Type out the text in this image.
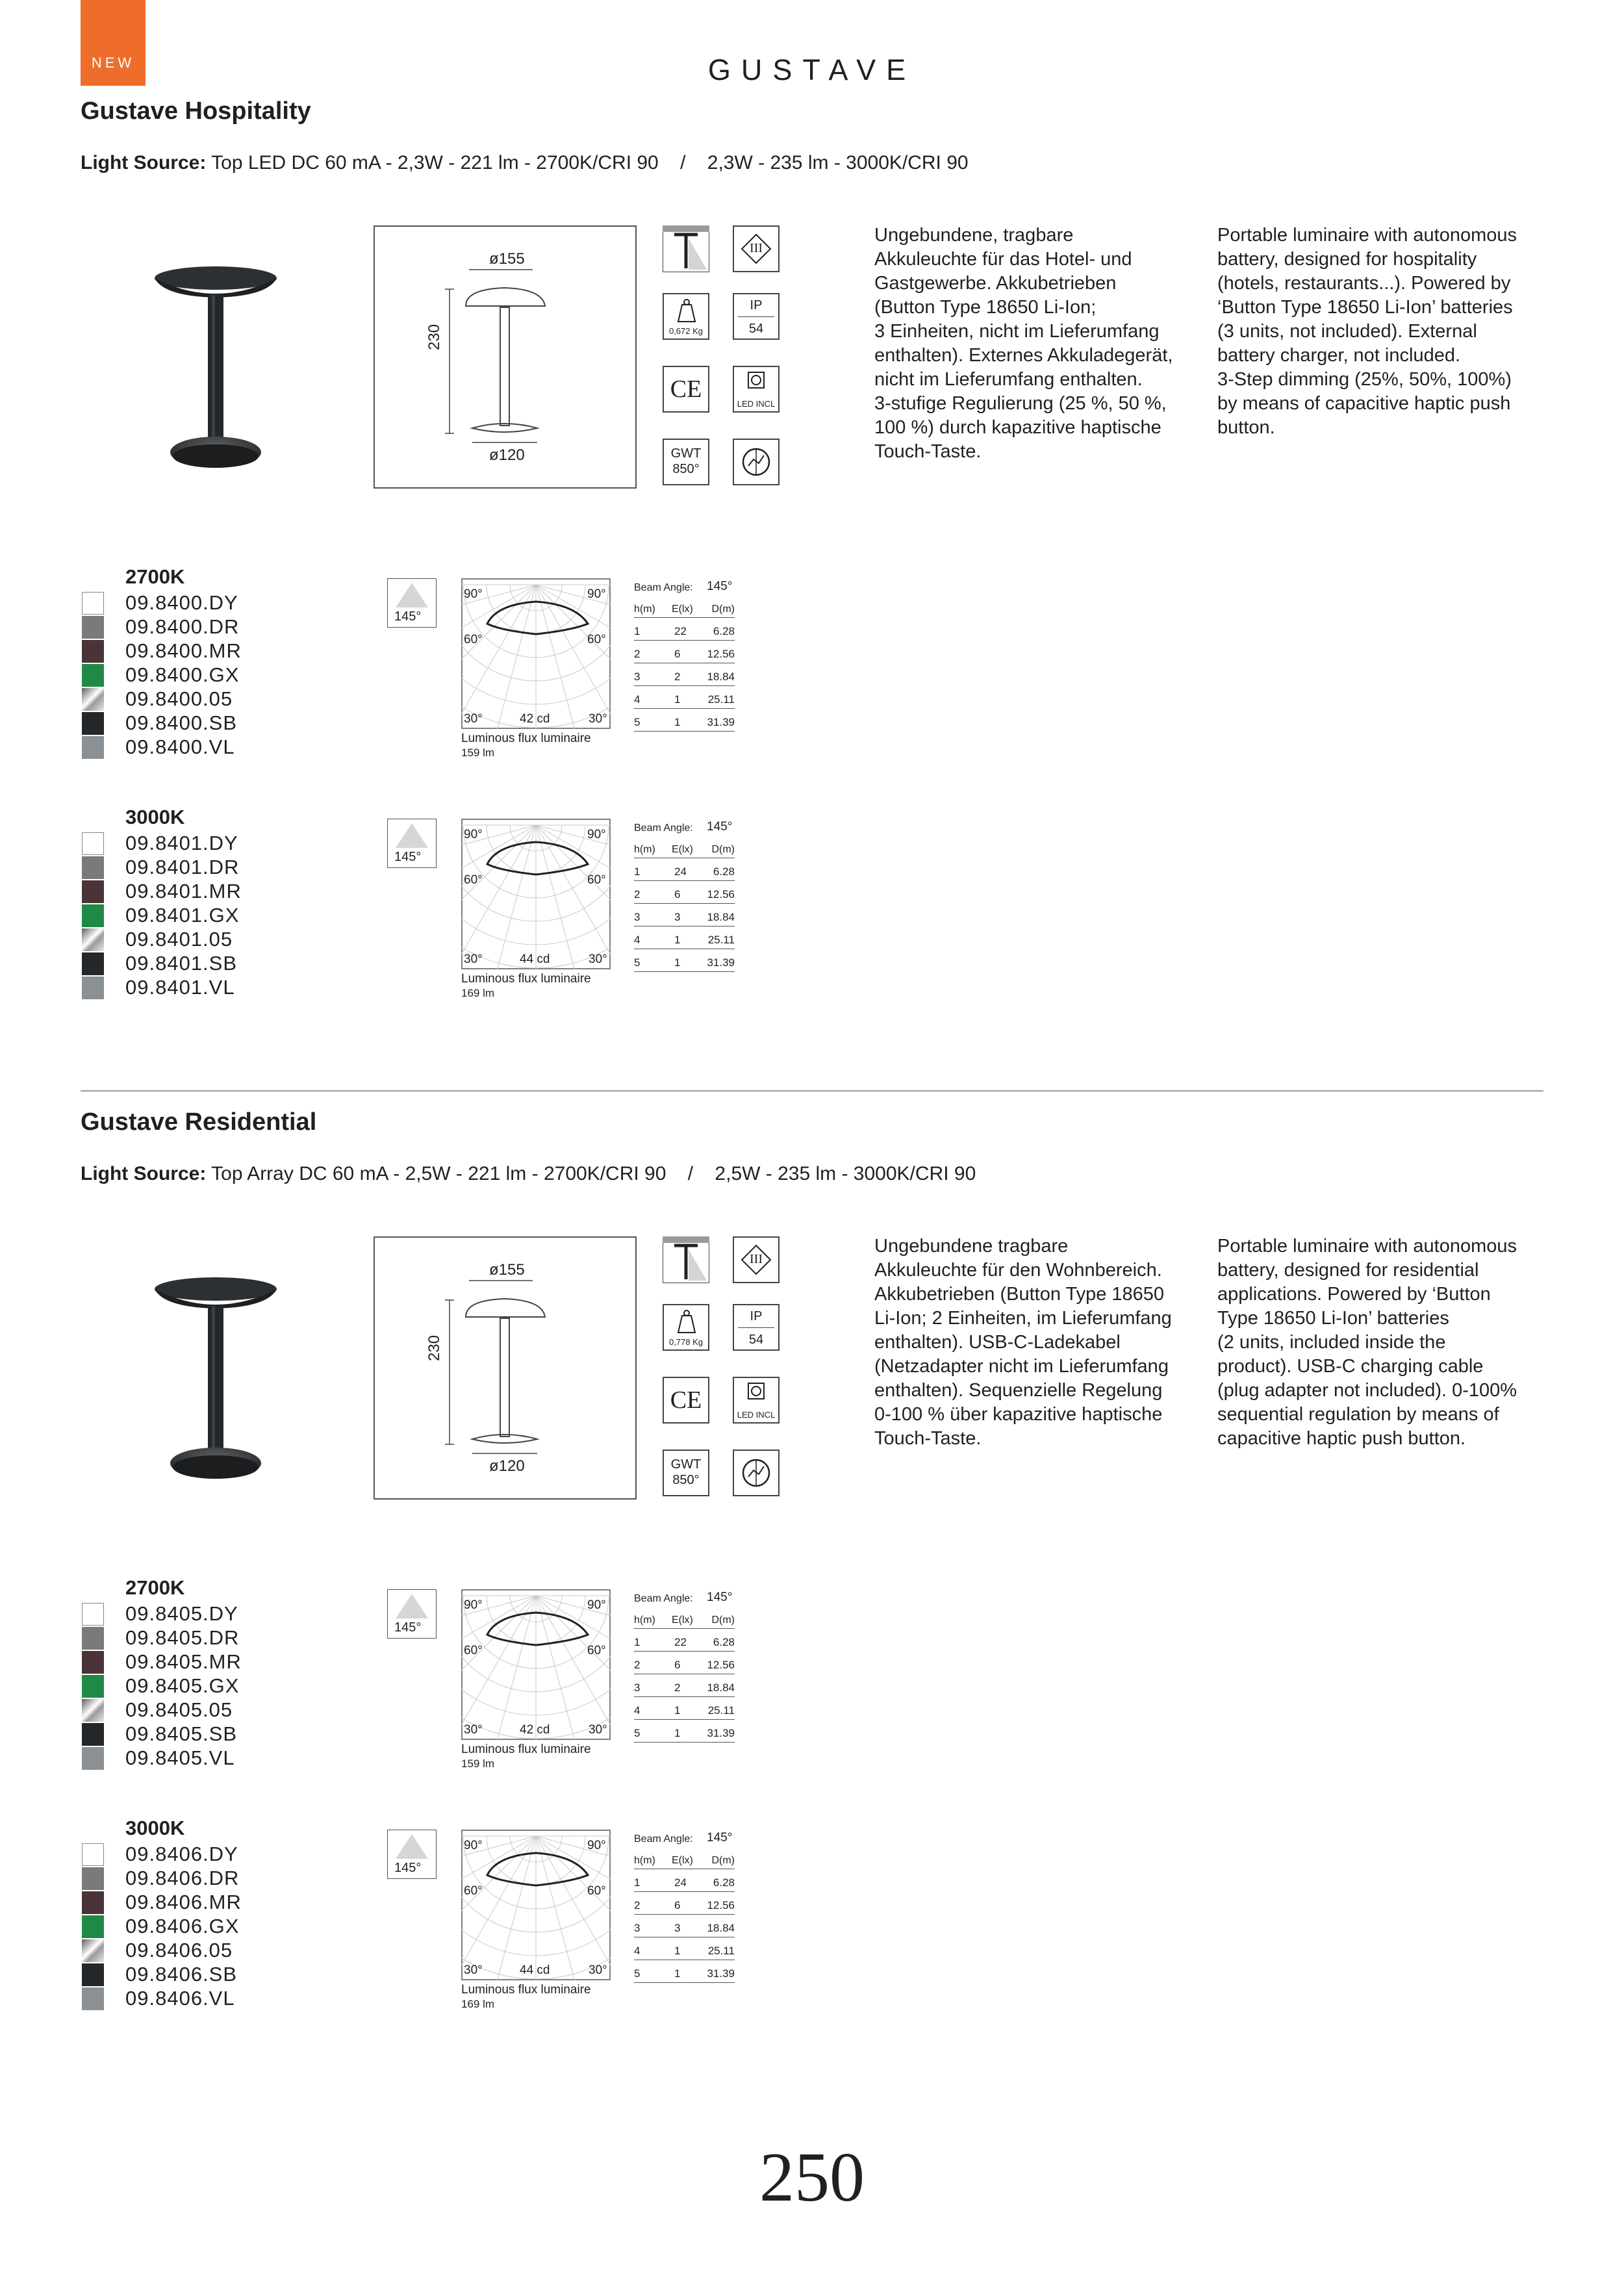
NEW	GUSTAVE
Gustave Hospitality
Light Source: Top LED DC 60 mA - 2,3W - 221 lm - 2700K/CRI 90    /    2,3W - 235 lm - 3000K/CRI 90
ø155
ø120
230
III
0,672 Kg
IP
54
CE
LED INCL
GWT
850°
Ungebundene, tragbare
Akkuleuchte für das Hotel- und
Gastgewerbe. Akkubetrieben
(Button Type 18650 Li-Ion;
3 Einheiten, nicht im Lieferumfang
enthalten). Externes Akkuladegerät,
nicht im Lieferumfang enthalten.
3-stufige Regulierung (25 %, 50 %,
100 %) durch kapazitive haptische
Touch-Taste.
Portable luminaire with autonomous
battery, designed for hospitality
(hotels, restaurants...). Powered by
‘Button Type 18650 Li-Ion’ batteries
(3 units, not included). External
battery charger, not included.
3-Step dimming (25%, 50%, 100%)
by means of capacitive haptic push
button.
2700K
09.8400.DY
09.8400.DR
09.8400.MR
09.8400.GX
09.8400.05
09.8400.SB
09.8400.VL
145°
90°	90°
60°	60°
30°	30°
42 cd
Luminous flux luminaire
159 lm
Beam Angle: 145°
h(m) E(lx) D(m)
1	22 6.28
2	6 12.56
3	2 18.84
4	1 25.11
5	1 31.39
3000K
09.8401.DY
09.8401.DR
09.8401.MR
09.8401.GX
09.8401.05
09.8401.SB
09.8401.VL
145°
90°	90°
60°	60°
30°	30°
44 cd
Luminous flux luminaire
169 lm
Beam Angle: 145°
h(m) E(lx) D(m)
1	24 6.28
2	6 12.56
3	3 18.84
4	1 25.11
5	1 31.39
Gustave Residential
Light Source: Top Array DC 60 mA - 2,5W - 221 lm - 2700K/CRI 90    /    2,5W - 235 lm - 3000K/CRI 90
ø155
ø120
230
III
0,778 Kg
IP
54
CE
LED INCL
GWT
850°
Ungebundene tragbare
Akkuleuchte für den Wohnbereich.
Akkubetrieben (Button Type 18650
Li-Ion; 2 Einheiten, im Lieferumfang
enthalten). USB-C-Ladekabel
(Netzadapter nicht im Lieferumfang
enthalten). Sequenzielle Regelung
0-100 % über kapazitive haptische
Touch-Taste.
Portable luminaire with autonomous
battery, designed for residential
applications. Powered by ‘Button
Type 18650 Li-Ion’ batteries
(2 units, included inside the
product). USB-C charging cable
(plug adapter not included). 0-100%
sequential regulation by means of
capacitive haptic push button.
2700K
09.8405.DY
09.8405.DR
09.8405.MR
09.8405.GX
09.8405.05
09.8405.SB
09.8405.VL
145°
90°	90°
60°	60°
30°	30°
42 cd
Luminous flux luminaire
159 lm
Beam Angle: 145°
h(m) E(lx) D(m)
1	22 6.28
2	6 12.56
3	2 18.84
4	1 25.11
5	1 31.39
3000K
09.8406.DY
09.8406.DR
09.8406.MR
09.8406.GX
09.8406.05
09.8406.SB
09.8406.VL
145°
90°	90°
60°	60°
30°	30°
44 cd
Luminous flux luminaire
169 lm
Beam Angle: 145°
h(m) E(lx) D(m)
1	24 6.28
2	6 12.56
3	3 18.84
4	1 25.11
5	1 31.39
250
